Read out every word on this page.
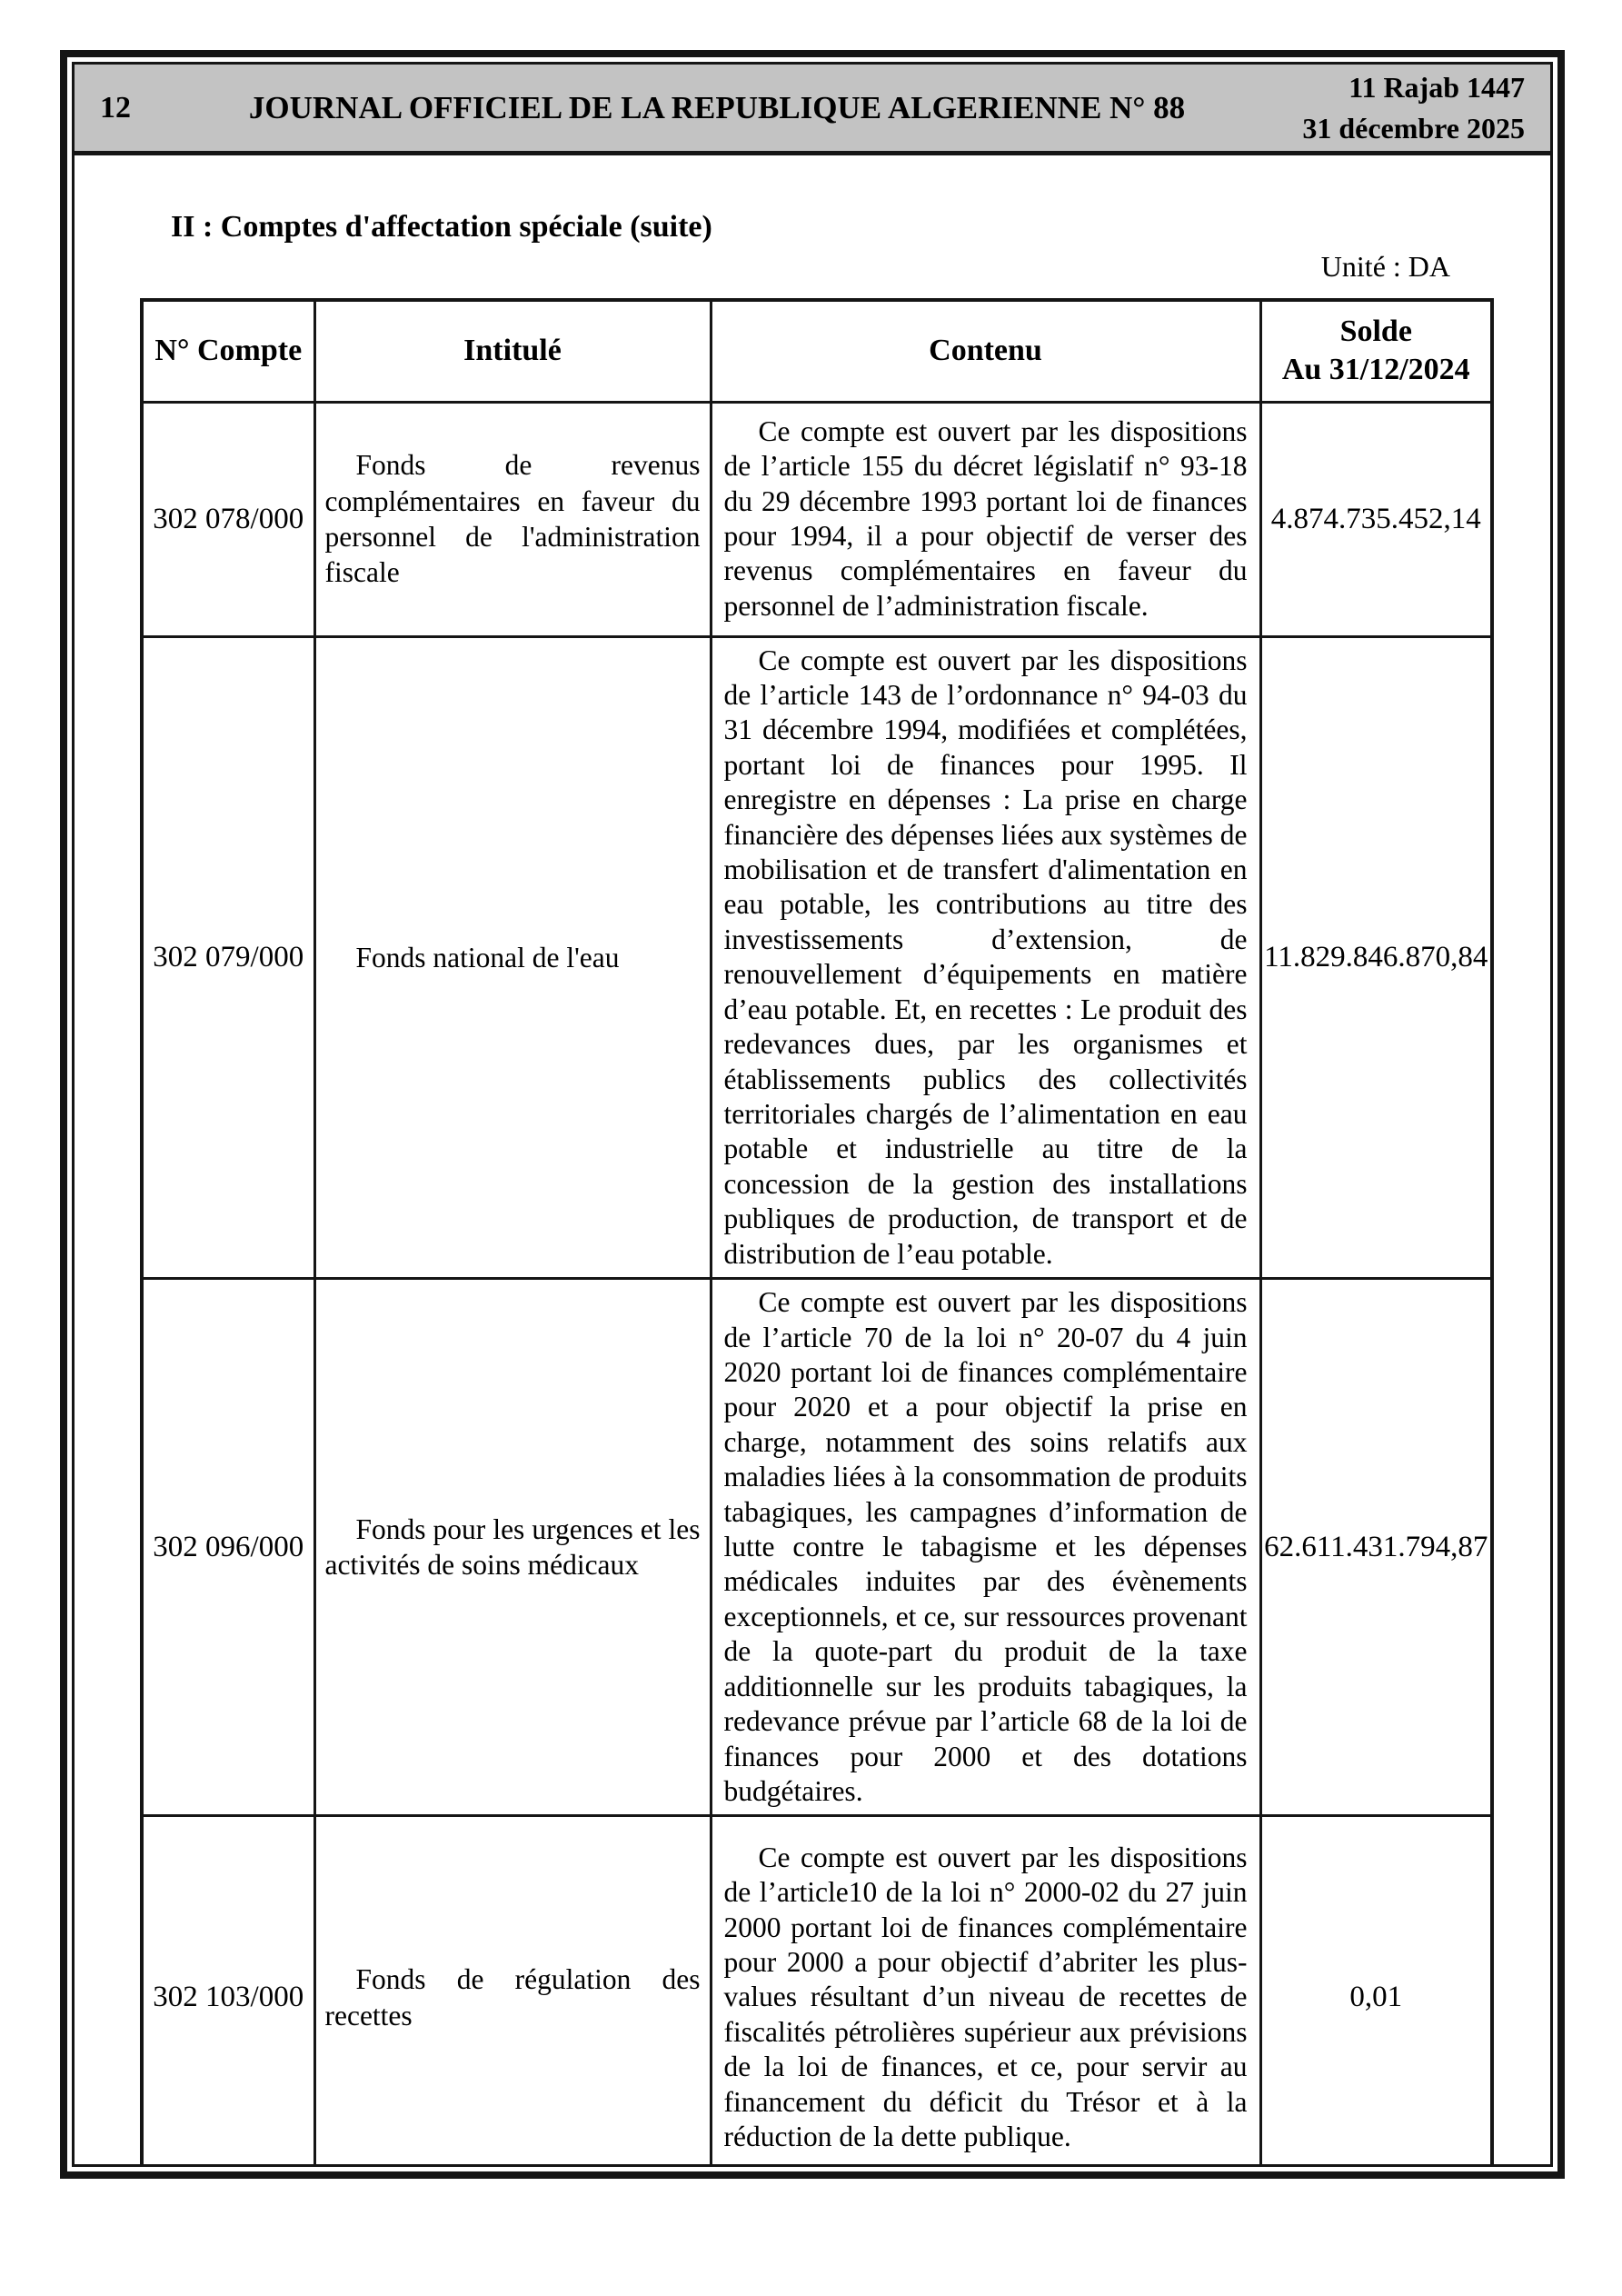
12	JOURNAL OFFICIEL DE LA REPUBLIQUE ALGERIENNE N° 88
11 Rajab 1447
31 décembre 2025
II : Comptes d'affectation spéciale (suite)
Unité : DA
N° Compte	Intitulé	Contenu	Solde
Au 31/12/2024

302 078/000	Fonds de revenus complémentaires en faveur du personnel de l'administration fiscale	Ce compte est ouvert par les dispositions de l’article 155 du décret législatif n° 93-18 du 29 décembre 1993 portant loi de finances pour 1994, il a pour objectif de verser des revenus complémentaires en faveur du personnel de l’administration fiscale.	4.874.735.452,14
302 079/000	Fonds national de l'eau	Ce compte est ouvert par les dispositions de l’article 143 de l’ordonnance n° 94-03 du 31 décembre 1994, modifiées et complétées, portant loi de finances pour 1995. Il enregistre en dépenses : La prise en charge financière des dépenses liées aux systèmes de mobilisation et de transfert d'alimentation en eau potable, les contributions au titre des investissements d’extension, de renouvellement d’équipements en matière d’eau potable. Et, en recettes : Le produit des redevances dues, par les organismes et établissements publics des collectivités territoriales chargés de l’alimentation en eau potable et industrielle au titre de la concession de la gestion des installations publiques de production, de transport et de distribution de l’eau potable.	11.829.846.870,84
302 096/000	Fonds pour les urgences et les activités de soins médicaux	Ce compte est ouvert par les dispositions de l’article 70 de la loi n° 20-07 du 4 juin 2020 portant loi de finances complémentaire pour 2020 et a pour objectif la prise en charge, notamment des soins relatifs aux maladies liées à la consommation de produits tabagiques, les campagnes d’information de lutte contre le tabagisme et les dépenses médicales induites par des évènements exceptionnels, et ce, sur ressources provenant de la quote-part du produit de la taxe additionnelle sur les produits tabagiques, la redevance prévue par l’article 68 de la loi de finances pour 2000 et des dotations budgétaires.	62.611.431.794,87
302 103/000	Fonds de régulation des recettes	Ce compte est ouvert par les dispositions de l’article10 de la loi n° 2000-02 du 27 juin 2000 portant loi de finances complémentaire pour 2000 a pour objectif d’abriter les plus-values résultant d’un niveau de recettes de fiscalités pétrolières supérieur aux prévisions de la loi de finances, et ce, pour servir au financement du déficit du Trésor et à la réduction de la dette publique.	0,01
